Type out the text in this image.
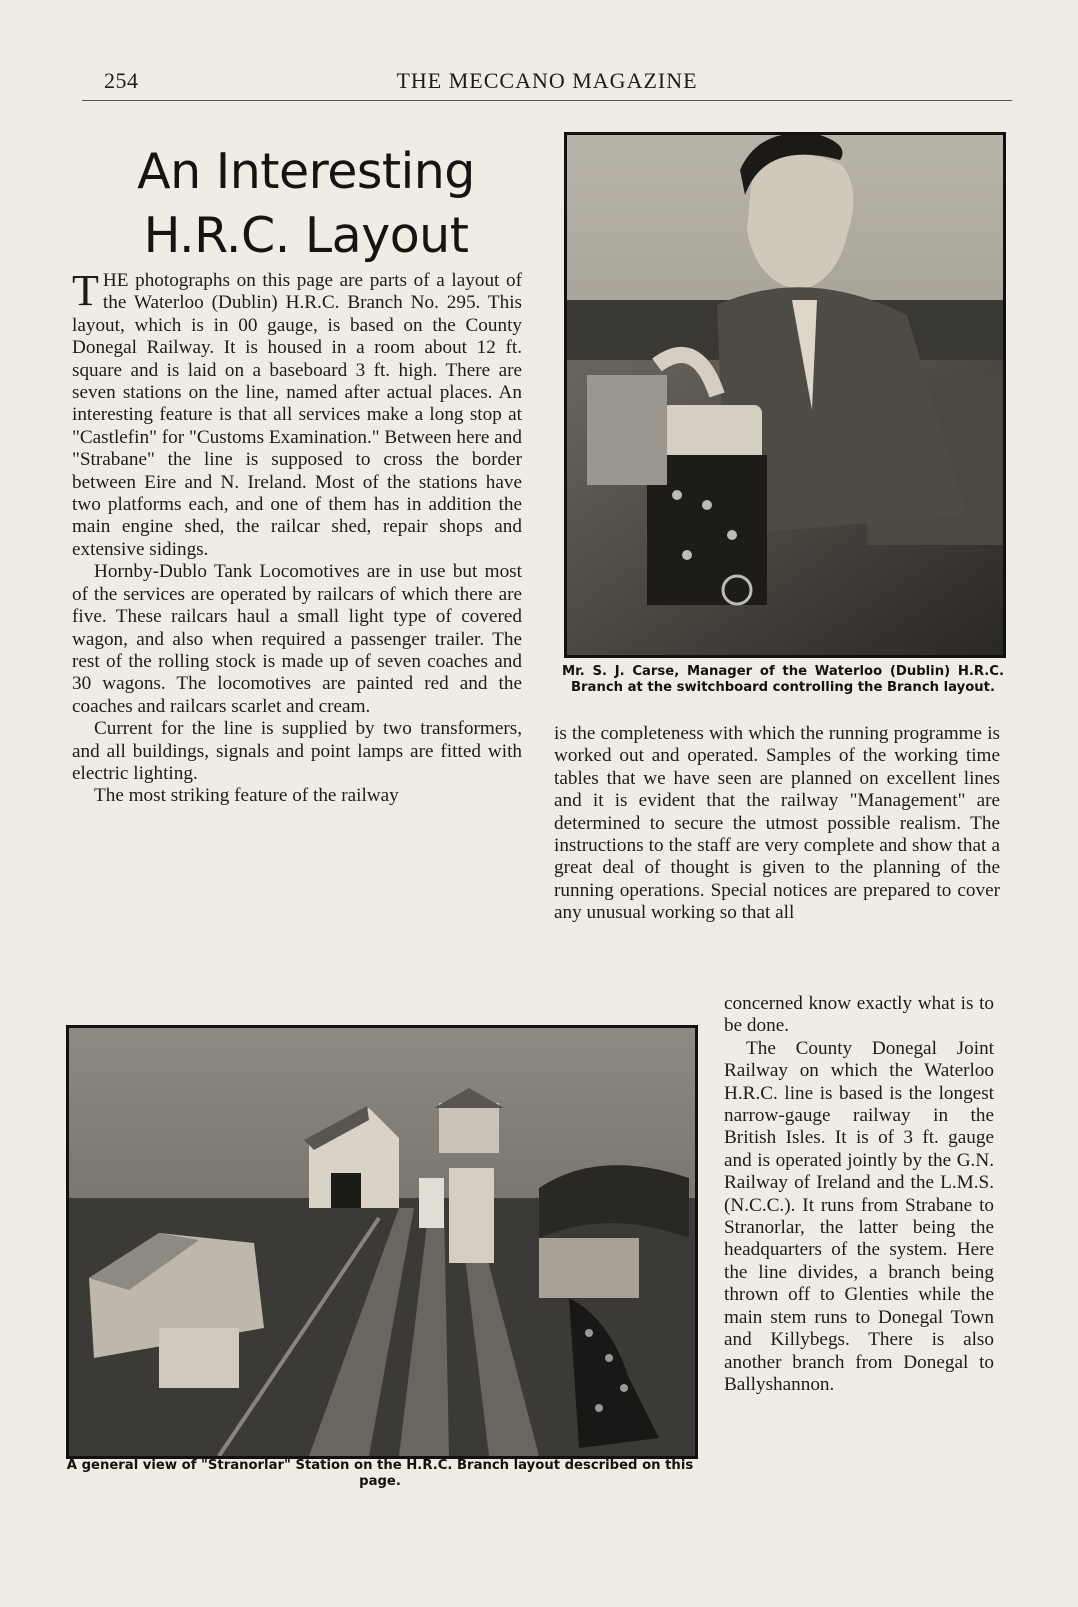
254	THE MECCANO MAGAZINE
An Interesting
H.R.C. Layout

THE photographs on this page are parts of a layout of the Waterloo (Dublin) H.R.C. Branch No. 295. This layout, which is in 00 gauge, is based on the County Donegal Railway. It is housed in a room about 12 ft. square and is laid on a baseboard 3 ft. high. There are seven stations on the line, named after actual places. An interesting feature is that all services make a long stop at "Castlefin" for "Customs Examination." Between here and "Strabane" the line is supposed to cross the border between Eire and N. Ireland. Most of the stations have two platforms each, and one of them has in addition the main engine shed, the railcar shed, repair shops and extensive sidings.

Hornby-Dublo Tank Locomotives are in use but most of the services are operated by railcars of which there are five. These railcars haul a small light type of covered wagon, and also when required a passenger trailer. The rest of the rolling stock is made up of seven coaches and 30 wagons. The locomotives are painted red and the coaches and railcars scarlet and cream.

Current for the line is supplied by two transformers, and all buildings, signals and point lamps are fitted with electric lighting.

The most striking feature of the railway

Mr. S. J. Carse, Manager of the Waterloo (Dublin) H.R.C. Branch at the switchboard controlling the Branch layout.

is the completeness with which the running programme is worked out and operated. Samples of the working time tables that we have seen are planned on excellent lines and it is evident that the railway "Management" are determined to secure the utmost possible realism. The instructions to the staff are very complete and show that a great deal of thought is given to the planning of the running operations. Special notices are prepared to cover any unusual working so that all

concerned know exactly what is to be done.

The County Donegal Joint Railway on which the Waterloo H.R.C. line is based is the longest narrow-gauge railway in the British Isles. It is of 3 ft. gauge and is operated jointly by the G.N. Railway of Ireland and the L.M.S. (N.C.C.). It runs from Strabane to Stranorlar, the latter being the headquarters of the system. Here the line divides, a branch being thrown off to Glenties while the main stem runs to Donegal Town and Killybegs. There is also another branch from Donegal to Ballyshannon.

A general view of "Stranorlar" Station on the H.R.C. Branch layout described on this page.
